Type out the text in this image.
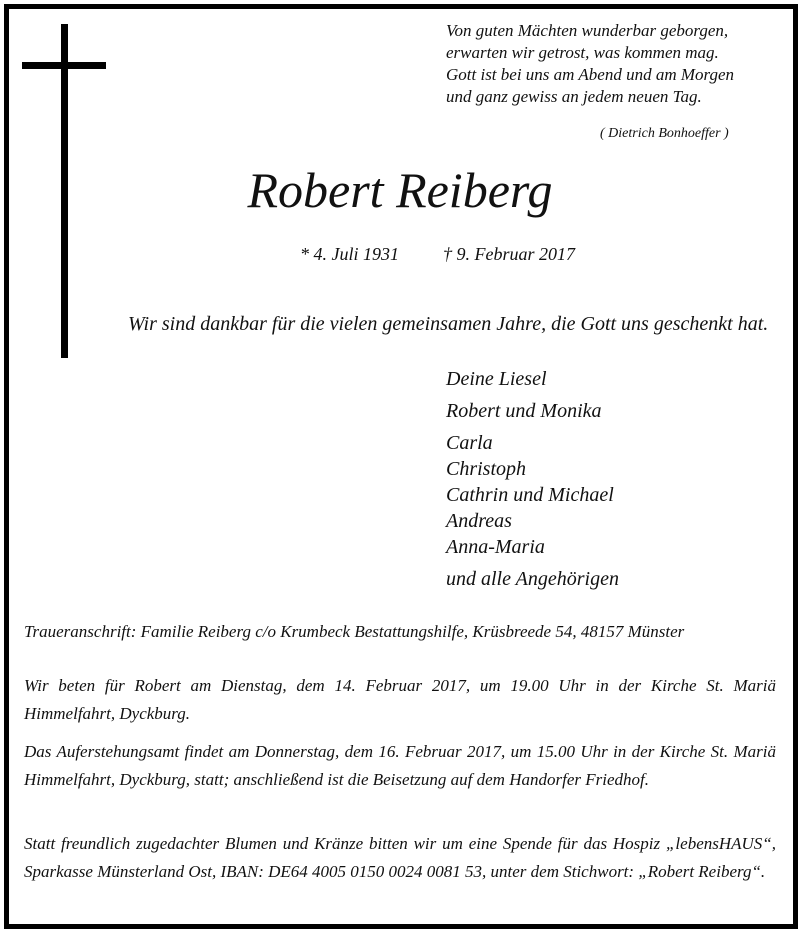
Von guten Mächten wunderbar geborgen,
erwarten wir getrost, was kommen mag.
Gott ist bei uns am Abend und am Morgen
und ganz gewiss an jedem neuen Tag.
( Dietrich Bonhoeffer )
Robert Reiberg
* 4. Juli 1931 † 9. Februar 2017
Wir sind dankbar für die vielen gemeinsamen Jahre, die Gott uns geschenkt hat.
Deine Liesel
Robert und Monika
Carla
Christoph
Cathrin und Michael
Andreas
Anna-Maria
und alle Angehörigen
Traueranschrift: Familie Reiberg c/o Krumbeck Bestattungshilfe, Krüsbreede 54, 48157 Münster
Wir beten für Robert am Dienstag, dem 14. Februar 2017, um 19.00 Uhr in der Kirche St. Mariä Himmelfahrt, Dyckburg.
Das Auferstehungsamt findet am Donnerstag, dem 16. Februar 2017, um 15.00 Uhr in der Kirche St. Mariä Himmelfahrt, Dyckburg, statt; anschließend ist die Beisetzung auf dem Handorfer Friedhof.
Statt freundlich zugedachter Blumen und Kränze bitten wir um eine Spende für das Hospiz „lebensHAUS“, Sparkasse Münsterland Ost, IBAN: DE64 4005 0150 0024 0081 53, unter dem Stichwort: „Robert Reiberg“.
